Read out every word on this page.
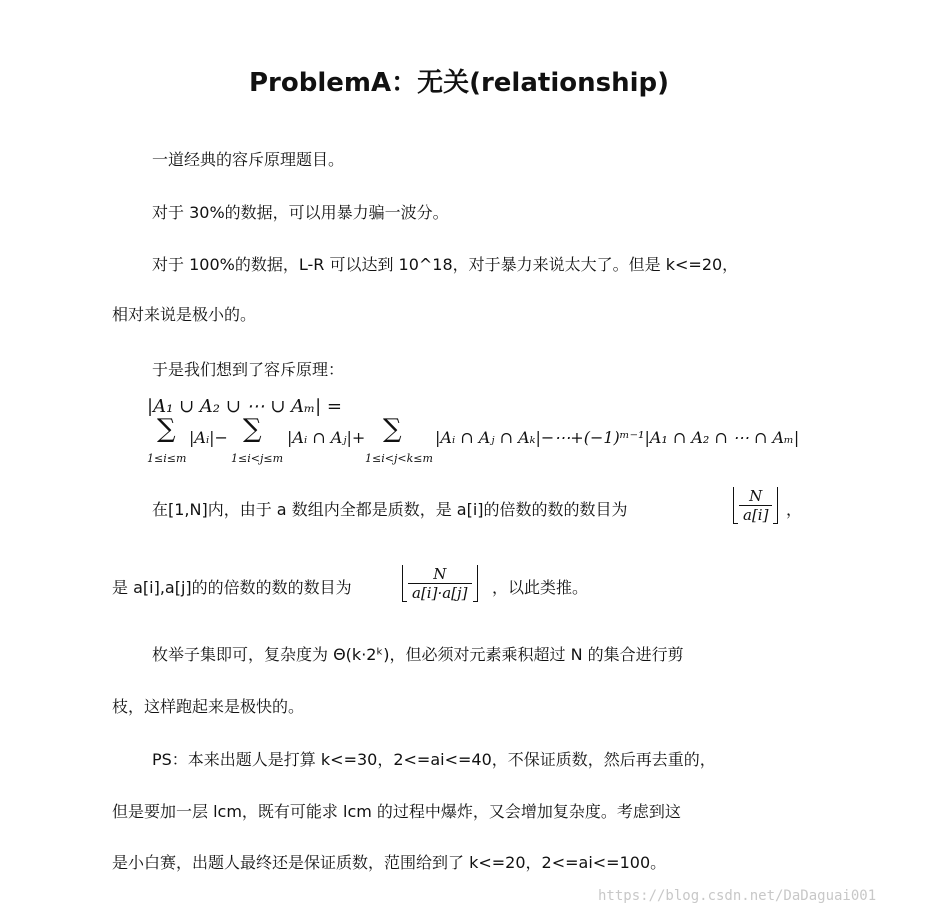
ProblemA：无关(relationship)
一道经典的容斥原理题目。
对于 30%的数据，可以用暴力骗一波分。
对于 100%的数据，L-R 可以达到 10^18，对于暴力来说太大了。但是 k<=20，
相对来说是极小的。
于是我们想到了容斥原理：
|A₁ ∪ A₂ ∪ ⋯ ∪ Aₘ| =
∑
1≤i≤m
|Aᵢ|− ∑
1≤i<j≤m
|Aᵢ ∩ Aⱼ|+ ∑
1≤i<j<k≤m
|Aᵢ ∩ Aⱼ ∩ Aₖ|−⋯+(−1)ᵐ⁻¹|A₁ ∩ A₂ ∩ ⋯ ∩ Aₘ|
在[1,N]内，由于 a 数组内全都是质数，是 a[i]的倍数的数的数目为	$\frac{N}{a[i]}$ ，
是 a[i],a[j]的的倍数的数的数目为	$\frac{N}{a[i]\cdot a[j]}$ ，以此类推。
枚举子集即可，复杂度为 Θ(k·2ᵏ)，但必须对元素乘积超过 N 的集合进行剪
枝，这样跑起来是极快的。
PS：本来出题人是打算 k<=30，2<=ai<=40，不保证质数，然后再去重的，
但是要加一层 lcm，既有可能求 lcm 的过程中爆炸，又会增加复杂度。考虑到这
是小白赛，出题人最终还是保证质数，范围给到了 k<=20，2<=ai<=100。
https://blog.csdn.net/DaDaguai001
